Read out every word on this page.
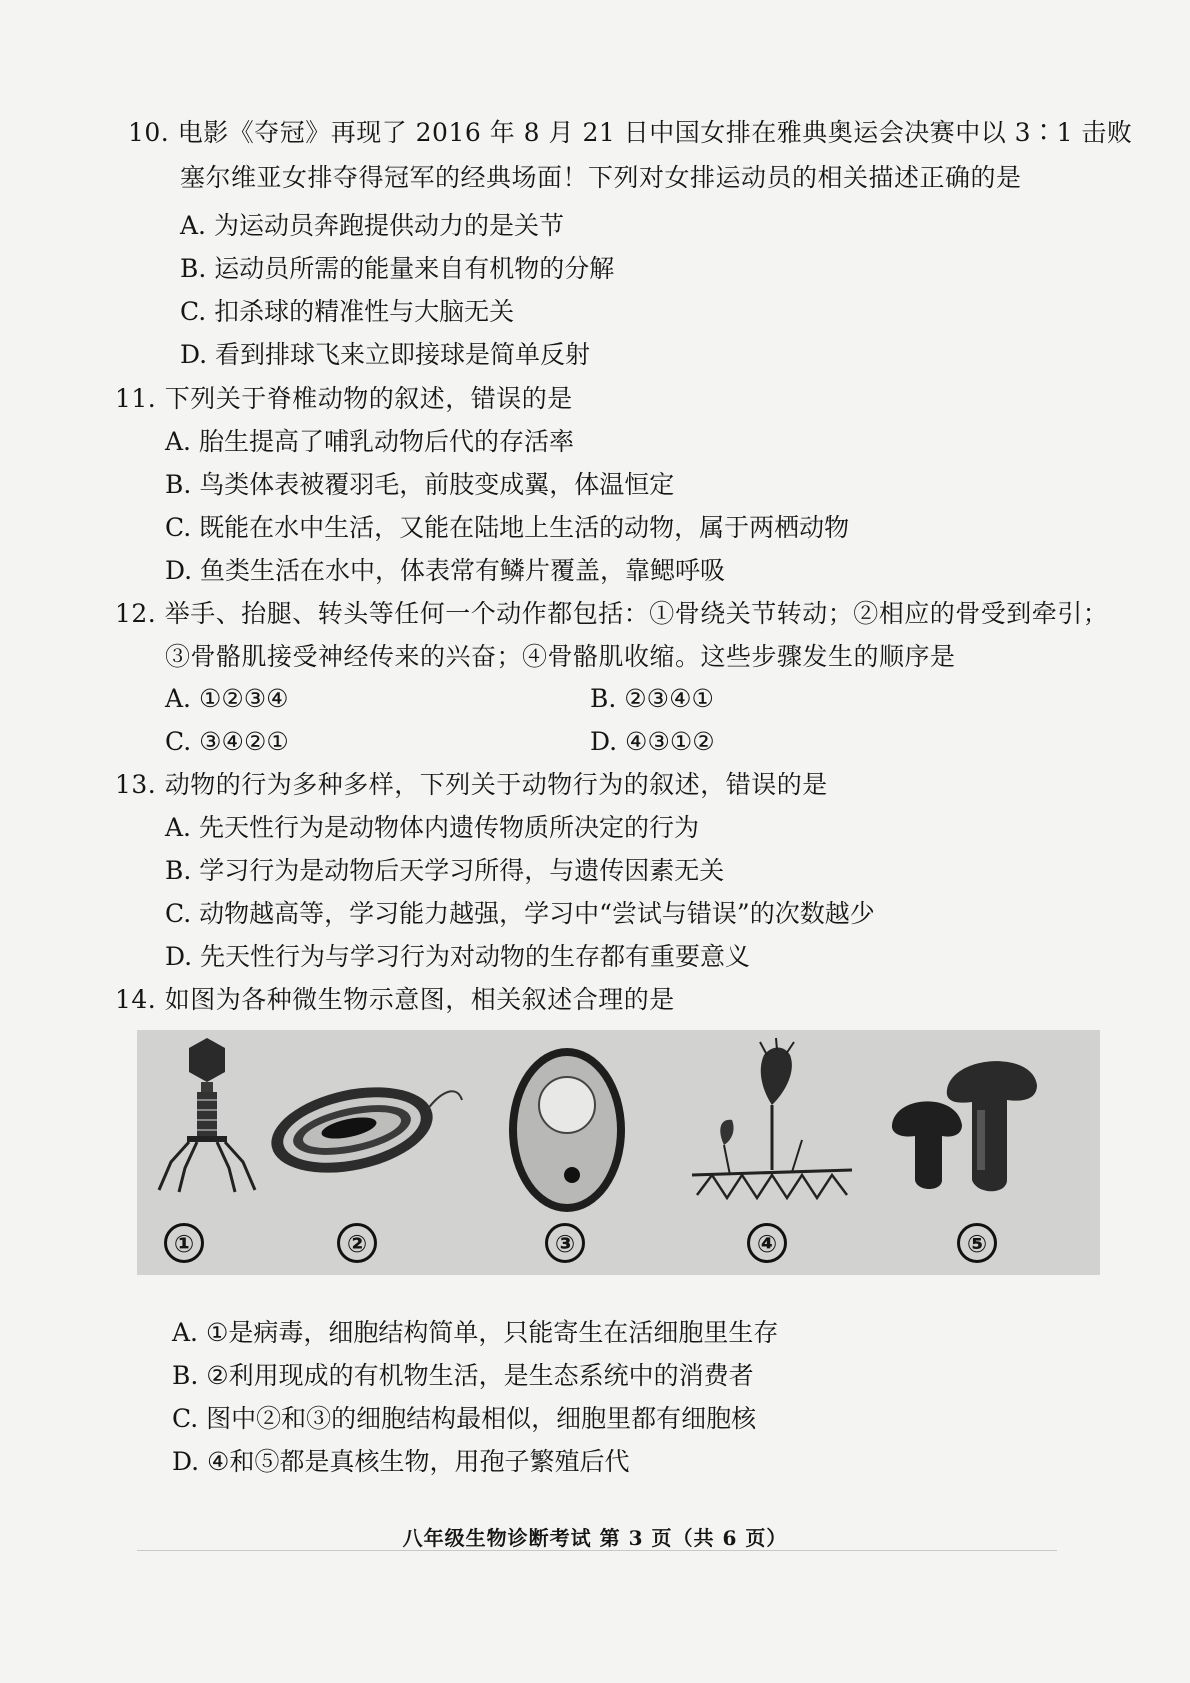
10. 电影《夺冠》再现了 2016 年 8 月 21 日中国女排在雅典奥运会决赛中以 3∶1 击败
塞尔维亚女排夺得冠军的经典场面！下列对女排运动员的相关描述正确的是
A. 为运动员奔跑提供动力的是关节
B. 运动员所需的能量来自有机物的分解
C. 扣杀球的精准性与大脑无关
D. 看到排球飞来立即接球是简单反射
11. 下列关于脊椎动物的叙述，错误的是
A. 胎生提高了哺乳动物后代的存活率
B. 鸟类体表被覆羽毛，前肢变成翼，体温恒定
C. 既能在水中生活，又能在陆地上生活的动物，属于两栖动物
D. 鱼类生活在水中，体表常有鳞片覆盖，靠鳃呼吸
12. 举手、抬腿、转头等任何一个动作都包括：①骨绕关节转动；②相应的骨受到牵引；
③骨骼肌接受神经传来的兴奋；④骨骼肌收缩。这些步骤发生的顺序是
A. ①②③④	B. ②③④①
C. ③④②①	D. ④③①②
13. 动物的行为多种多样，下列关于动物行为的叙述，错误的是
A. 先天性行为是动物体内遗传物质所决定的行为
B. 学习行为是动物后天学习所得，与遗传因素无关
C. 动物越高等，学习能力越强，学习中“尝试与错误”的次数越少
D. 先天性行为与学习行为对动物的生存都有重要意义
14. 如图为各种微生物示意图，相关叙述合理的是
①	②	③	④	⑤
A. ①是病毒，细胞结构简单，只能寄生在活细胞里生存
B. ②利用现成的有机物生活，是生态系统中的消费者
C. 图中②和③的细胞结构最相似，细胞里都有细胞核
D. ④和⑤都是真核生物，用孢子繁殖后代
八年级生物诊断考试 第 3 页（共 6 页）
